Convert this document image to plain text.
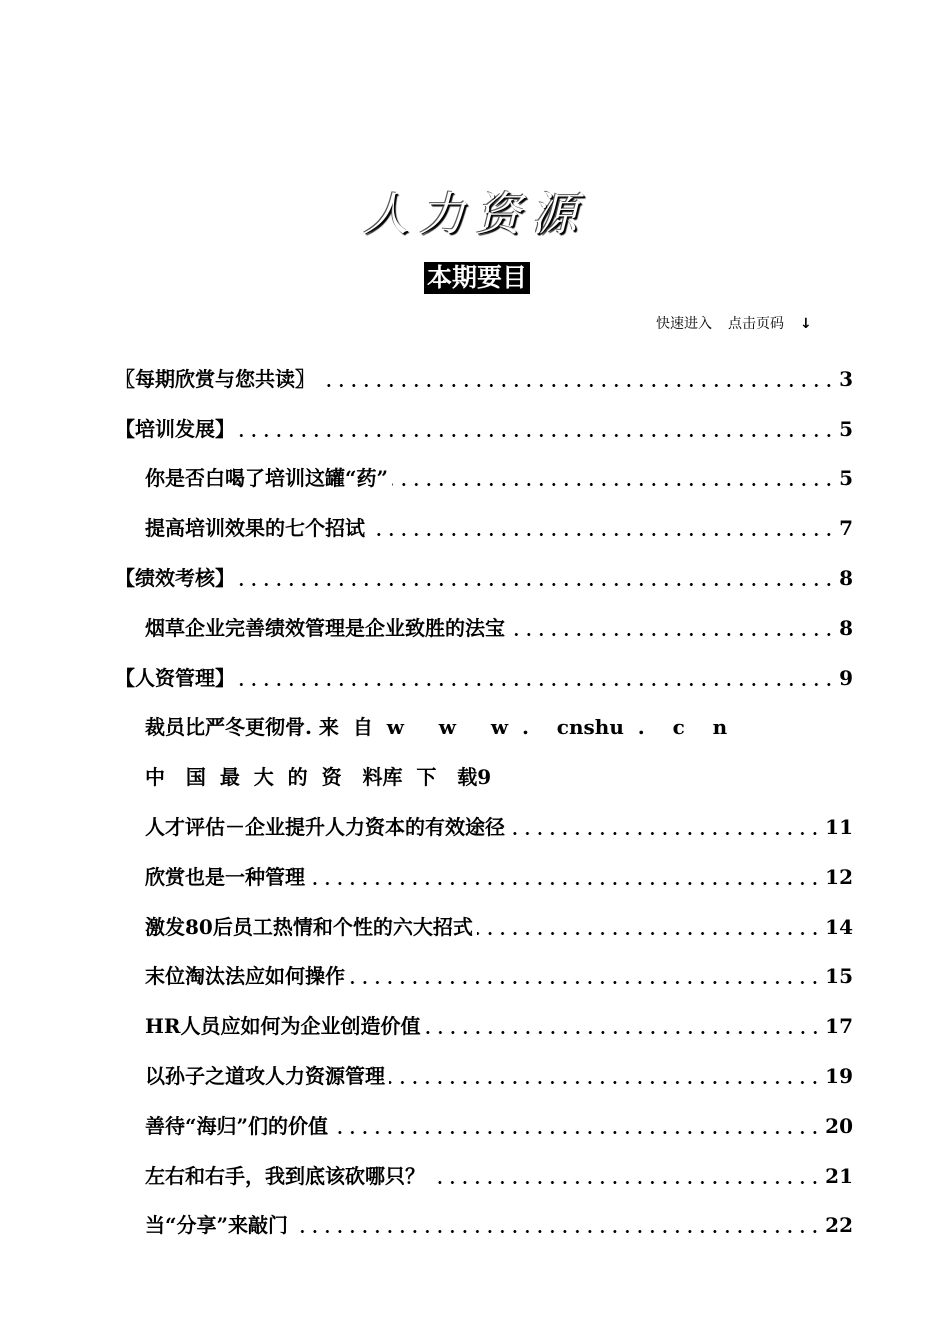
人力资源
本期要目
快速进入 点击页码 ↓
〖每期欣赏与您共读〗	3
【培训发展】	5
你是否白喝了培训这罐“药”	5
提高培训效果的七个招试	7
【绩效考核】	8
烟草企业完善绩效管理是企业致胜的法宝	8
【人资管理】	9
裁员比严冬更彻骨. 来  自  w     w     w  .    cnshu  .    c    n
中   国  最  大  的  资   料库  下   载9
人才评估－企业提升人力资本的有效途径	11
欣赏也是一种管理	12
激发80后员工热情和个性的六大招式	14
末位淘汰法应如何操作	15
HR人员应如何为企业创造价值	17
以孙子之道攻人力资源管理	19
善待“海归”们的价值	20
左右和右手，我到底该砍哪只？	21
当“分享”来敲门	22
